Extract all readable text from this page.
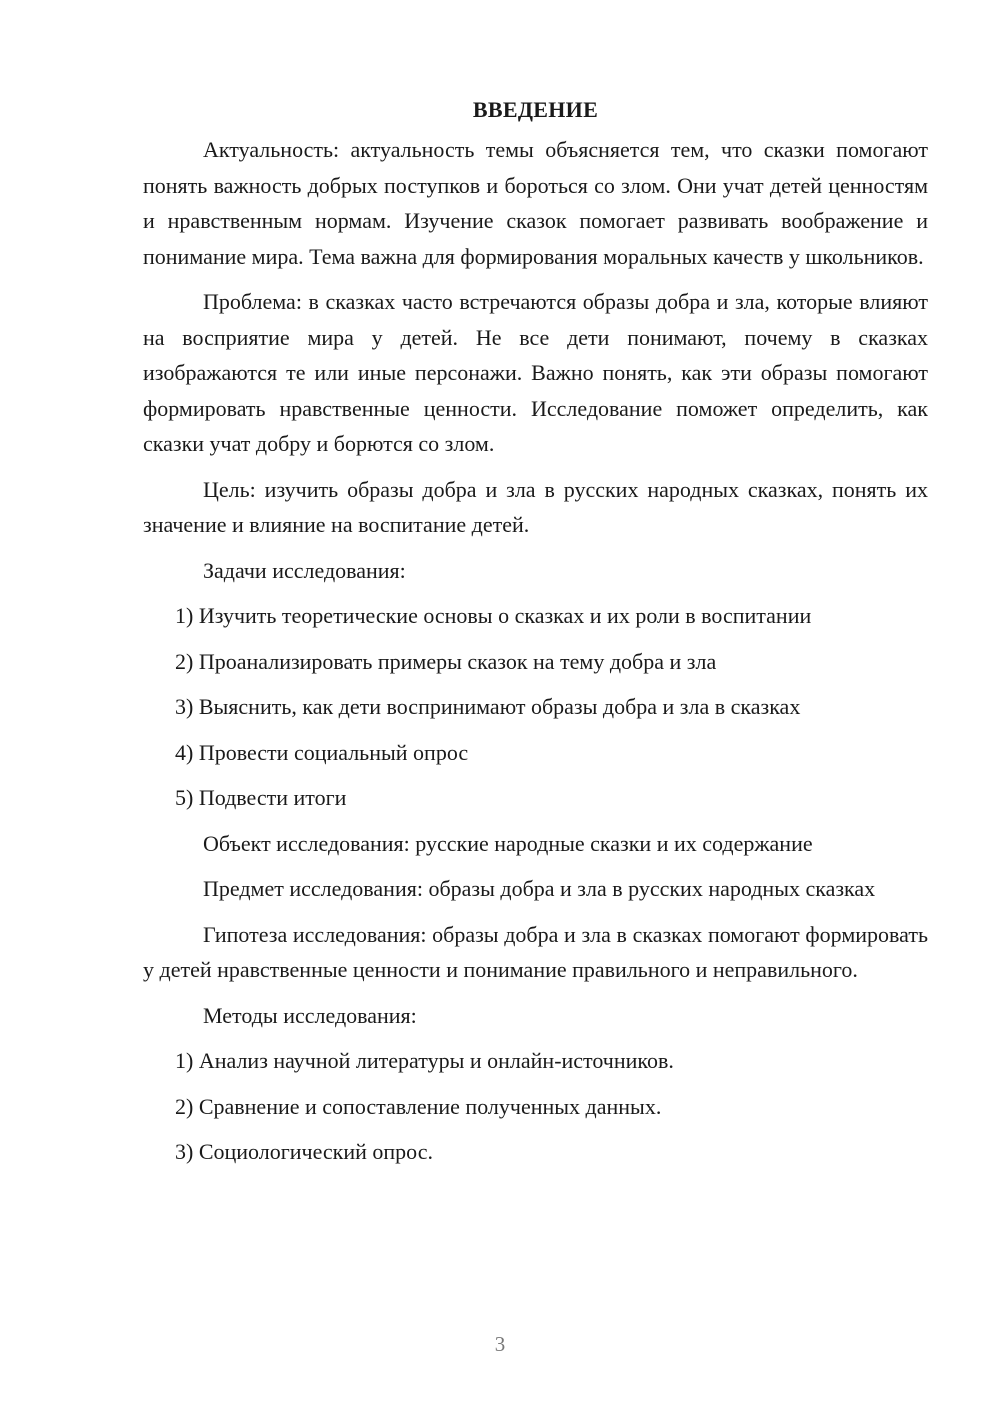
ВВЕДЕНИЕ

Актуальность: актуальность темы объясняется тем, что сказки помогают понять важность добрых поступков и бороться со злом. Они учат детей ценностям и нравственным нормам. Изучение сказок помогает развивать воображение и понимание мира. Тема важна для формирования моральных качеств у школьников.

Проблема: в сказках часто встречаются образы добра и зла, которые влияют на восприятие мира у детей. Не все дети понимают, почему в сказках изображаются те или иные персонажи. Важно понять, как эти образы помогают формировать нравственные ценности. Исследование поможет определить, как сказки учат добру и борются со злом.

Цель: изучить образы добра и зла в русских народных сказках, понять их значение и влияние на воспитание детей.

Задачи исследования:
1) Изучить теоретические основы о сказках и их роли в воспитании
2) Проанализировать примеры сказок на тему добра и зла
3) Выяснить, как дети воспринимают образы добра и зла в сказках
4) Провести социальный опрос
5) Подвести итоги

Объект исследования: русские народные сказки и их содержание

Предмет исследования: образы добра и зла в русских народных сказках

Гипотеза исследования: образы добра и зла в сказках помогают формировать у детей нравственные ценности и понимание правильного и неправильного.

Методы исследования:
1) Анализ научной литературы и онлайн-источников.
2) Сравнение и сопоставление полученных данных.
3) Социологический опрос.
3
